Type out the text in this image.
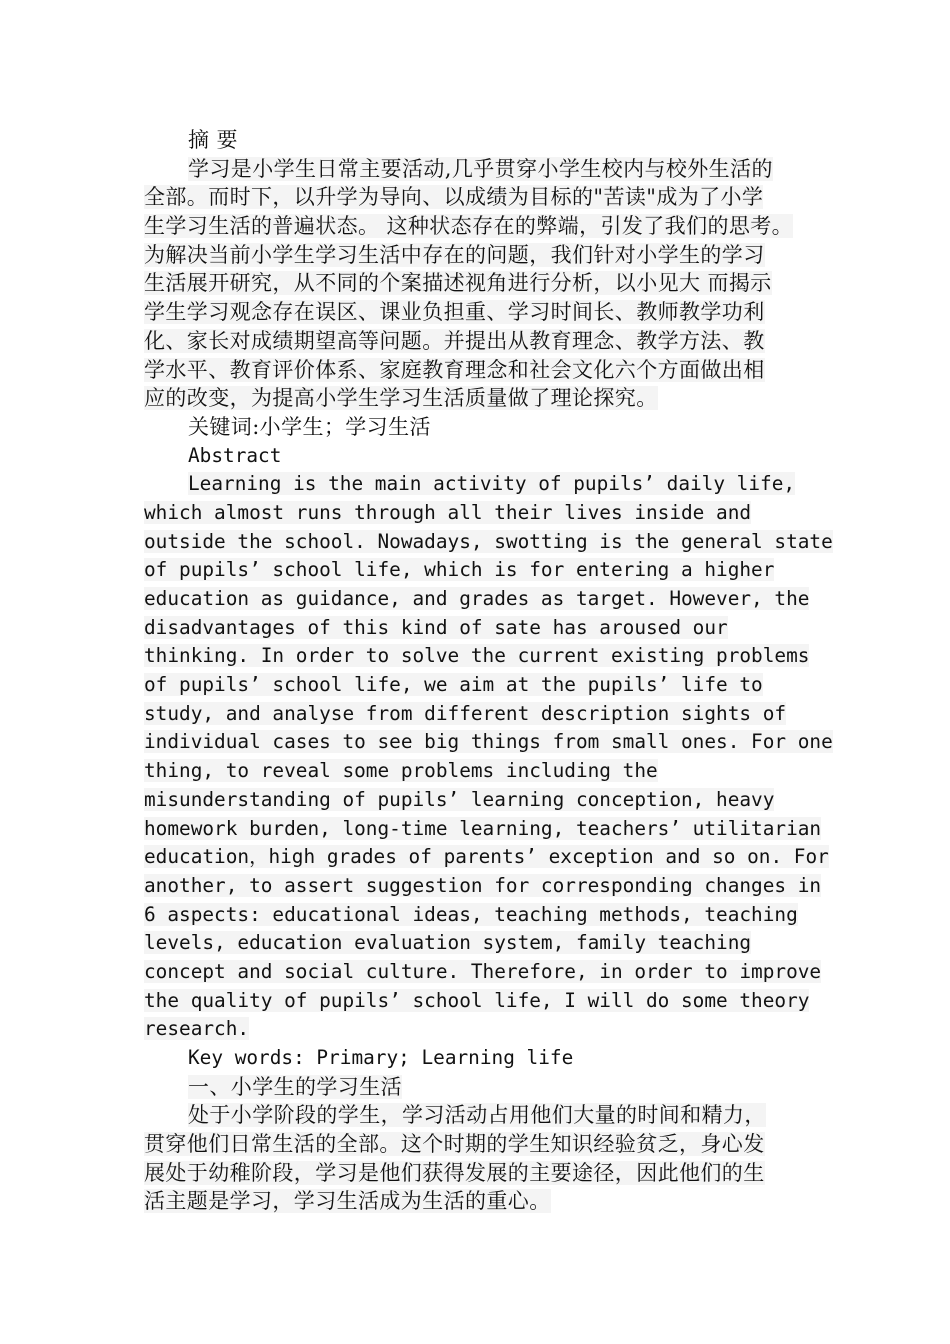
摘 要
学习是小学生日常主要活动,几乎贯穿小学生校内与校外生活的
全部。而时下，以升学为导向、以成绩为目标的"苦读"成为了小学
生学习生活的普遍状态。 这种状态存在的弊端，引发了我们的思考。
为解决当前小学生学习生活中存在的问题，我们针对小学生的学习
生活展开研究，从不同的个案描述视角进行分析，以小见大 而揭示
学生学习观念存在误区、课业负担重、学习时间长、教师教学功利
化、家长对成绩期望高等问题。并提出从教育理念、教学方法、教
学水平、教育评价体系、家庭教育理念和社会文化六个方面做出相
应的改变，为提高小学生学习生活质量做了理论探究。
关键词:小学生；学习生活
Abstract
Learning is the main activity of pupils’ daily life,
which almost runs through all their lives inside and
outside the school. Nowadays, swotting is the general state
of pupils’ school life, which is for entering a higher
education as guidance, and grades as target. However, the
disadvantages of this kind of sate has aroused our
thinking. In order to solve the current existing problems
of pupils’ school life, we aim at the pupils’ life to
study, and analyse from different description sights of
individual cases to see big things from small ones. For one
thing, to reveal some problems including the
misunderstanding of pupils’ learning conception, heavy
homework burden, long-time learning, teachers’ utilitarian
education，high grades of parents’ exception and so on. For
another, to assert suggestion for corresponding changes in
6 aspects: educational ideas, teaching methods, teaching
levels, education evaluation system, family teaching
concept and social culture. Therefore, in order to improve
the quality of pupils’ school life, I will do some theory
research.
Key words: Primary; Learning life
一、小学生的学习生活
处于小学阶段的学生，学习活动占用他们大量的时间和精力，
贯穿他们日常生活的全部。这个时期的学生知识经验贫乏，身心发
展处于幼稚阶段，学习是他们获得发展的主要途径，因此他们的生
活主题是学习，学习生活成为生活的重心。
